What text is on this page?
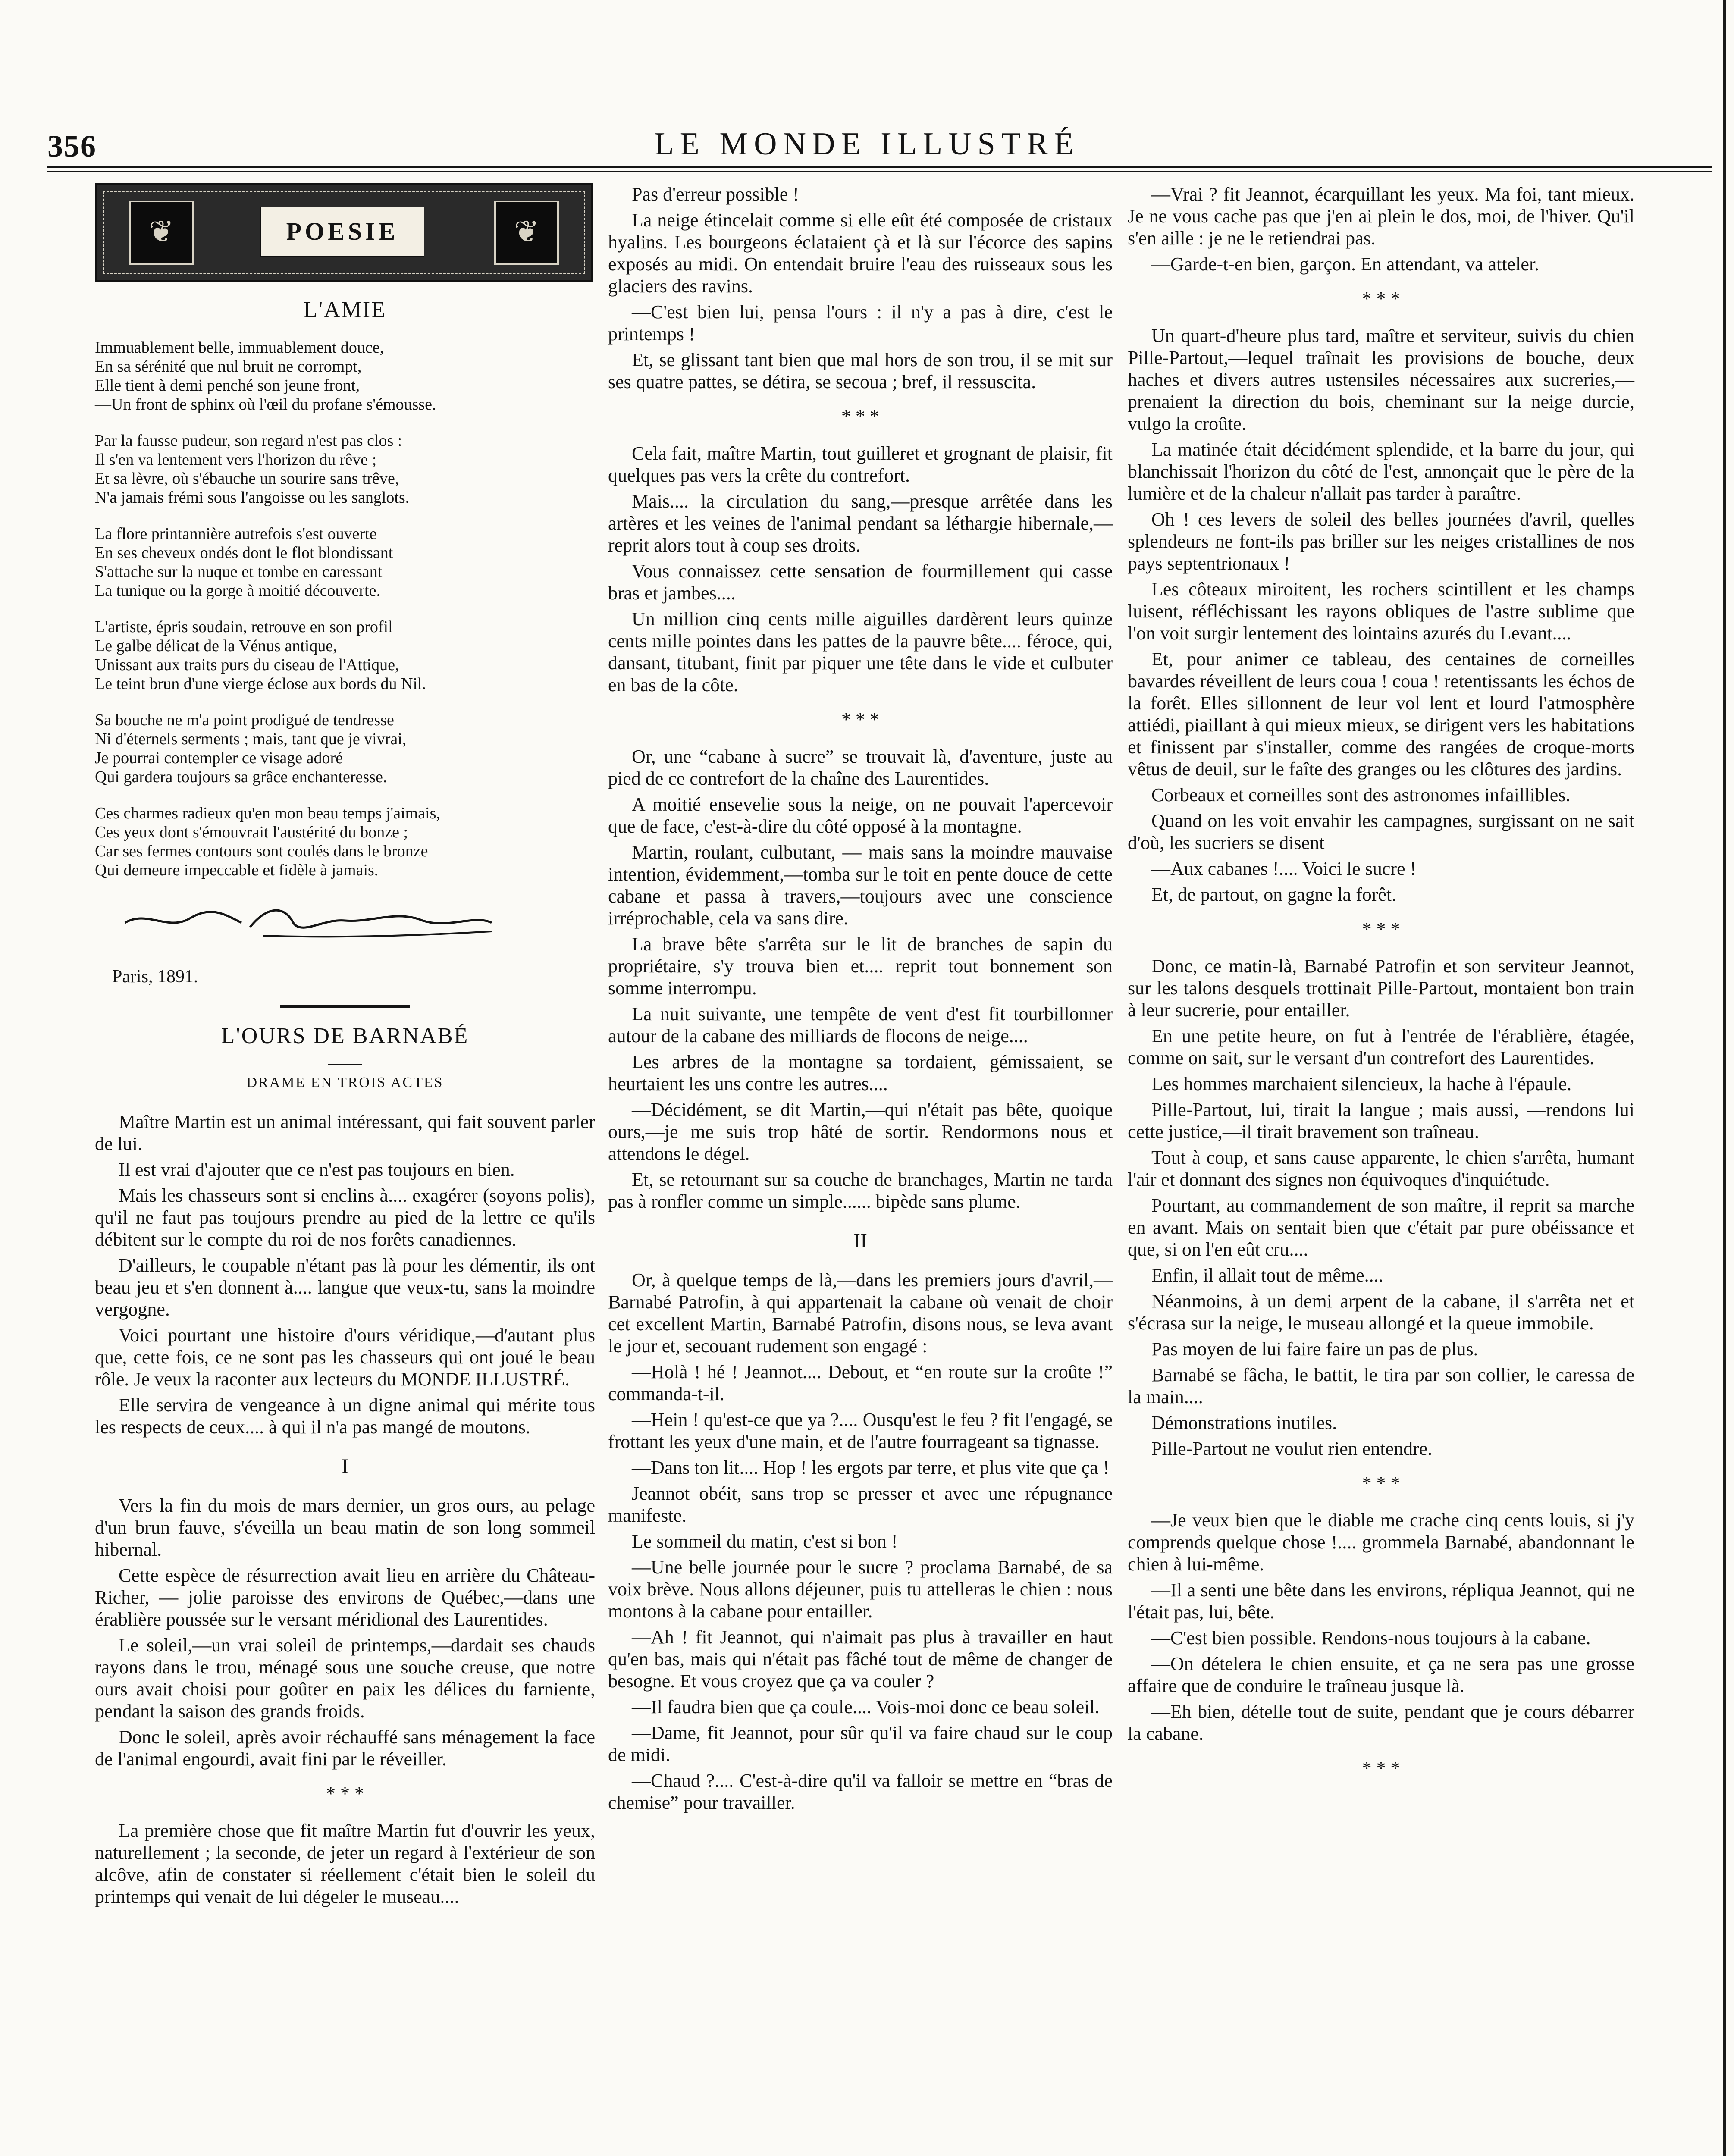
356	LE MONDE ILLUSTRÉ
❦	POESIE	❦
L'AMIE
Immuablement belle, immuablement douce,
En sa sérénité que nul bruit ne corrompt,
Elle tient à demi penché son jeune front,
—Un front de sphinx où l'œil du profane s'émousse.
Par la fausse pudeur, son regard n'est pas clos :
Il s'en va lentement vers l'horizon du rêve ;
Et sa lèvre, où s'ébauche un sourire sans trêve,
N'a jamais frémi sous l'angoisse ou les sanglots.
La flore printannière autrefois s'est ouverte
En ses cheveux ondés dont le flot blondissant
S'attache sur la nuque et tombe en caressant
La tunique ou la gorge à moitié découverte.
L'artiste, épris soudain, retrouve en son profil
Le galbe délicat de la Vénus antique,
Unissant aux traits purs du ciseau de l'Attique,
Le teint brun d'une vierge éclose aux bords du Nil.
Sa bouche ne m'a point prodigué de tendresse
Ni d'éternels serments ; mais, tant que je vivrai,
Je pourrai contempler ce visage adoré
Qui gardera toujours sa grâce enchanteresse.
Ces charmes radieux qu'en mon beau temps j'aimais,
Ces yeux dont s'émouvrait l'austérité du bonze ;
Car ses fermes contours sont coulés dans le bronze
Qui demeure impeccable et fidèle à jamais.
Paris, 1891.
L'OURS DE BARNABÉ
DRAME EN TROIS ACTES

Maître Martin est un animal intéressant, qui fait souvent parler de lui.

Il est vrai d'ajouter que ce n'est pas toujours en bien.

Mais les chasseurs sont si enclins à.... exagérer (soyons polis), qu'il ne faut pas toujours prendre au pied de la lettre ce qu'ils débitent sur le compte du roi de nos forêts canadiennes.

D'ailleurs, le coupable n'étant pas là pour les démentir, ils ont beau jeu et s'en donnent à.... langue que veux-tu, sans la moindre vergogne.

Voici pourtant une histoire d'ours véridique,—d'autant plus que, cette fois, ce ne sont pas les chasseurs qui ont joué le beau rôle. Je veux la raconter aux lecteurs du MONDE ILLUSTRÉ.

Elle servira de vengeance à un digne animal qui mérite tous les respects de ceux.... à qui il n'a pas mangé de moutons.

I

Vers la fin du mois de mars dernier, un gros ours, au pelage d'un brun fauve, s'éveilla un beau matin de son long sommeil hibernal.

Cette espèce de résurrection avait lieu en arrière du Château-Richer, — jolie paroisse des environs de Québec,—dans une érablière poussée sur le versant méridional des Laurentides.

Le soleil,—un vrai soleil de printemps,—dardait ses chauds rayons dans le trou, ménagé sous une souche creuse, que notre ours avait choisi pour goûter en paix les délices du farniente, pendant la saison des grands froids.

Donc le soleil, après avoir réchauffé sans ménagement la face de l'animal engourdi, avait fini par le réveiller.

* * *

La première chose que fit maître Martin fut d'ouvrir les yeux, naturellement ; la seconde, de jeter un regard à l'extérieur de son alcôve, afin de constater si réellement c'était bien le soleil du printemps qui venait de lui dégeler le museau....

Pas d'erreur possible !

La neige étincelait comme si elle eût été composée de cristaux hyalins. Les bourgeons éclataient çà et là sur l'écorce des sapins exposés au midi. On entendait bruire l'eau des ruisseaux sous les glaciers des ravins.

—C'est bien lui, pensa l'ours : il n'y a pas à dire, c'est le printemps !

Et, se glissant tant bien que mal hors de son trou, il se mit sur ses quatre pattes, se détira, se secoua ; bref, il ressuscita.

* * *

Cela fait, maître Martin, tout guilleret et grognant de plaisir, fit quelques pas vers la crête du contrefort.

Mais.... la circulation du sang,—presque arrêtée dans les artères et les veines de l'animal pendant sa léthargie hibernale,—reprit alors tout à coup ses droits.

Vous connaissez cette sensation de fourmillement qui casse bras et jambes....

Un million cinq cents mille aiguilles dardèrent leurs quinze cents mille pointes dans les pattes de la pauvre bête.... féroce, qui, dansant, titubant, finit par piquer une tête dans le vide et culbuter en bas de la côte.

* * *

Or, une “cabane à sucre” se trouvait là, d'aventure, juste au pied de ce contrefort de la chaîne des Laurentides.

A moitié ensevelie sous la neige, on ne pouvait l'apercevoir que de face, c'est-à-dire du côté opposé à la montagne.

Martin, roulant, culbutant, — mais sans la moindre mauvaise intention, évidemment,—tomba sur le toit en pente douce de cette cabane et passa à travers,—toujours avec une conscience irréprochable, cela va sans dire.

La brave bête s'arrêta sur le lit de branches de sapin du propriétaire, s'y trouva bien et.... reprit tout bonnement son somme interrompu.

La nuit suivante, une tempête de vent d'est fit tourbillonner autour de la cabane des milliards de flocons de neige....

Les arbres de la montagne sa tordaient, gémissaient, se heurtaient les uns contre les autres....

—Décidément, se dit Martin,—qui n'était pas bête, quoique ours,—je me suis trop hâté de sortir. Rendormons nous et attendons le dégel.

Et, se retournant sur sa couche de branchages, Martin ne tarda pas à ronfler comme un simple...... bipède sans plume.

II

Or, à quelque temps de là,—dans les premiers jours d'avril,—Barnabé Patrofin, à qui appartenait la cabane où venait de choir cet excellent Martin, Barnabé Patrofin, disons nous, se leva avant le jour et, secouant rudement son engagé :

—Holà ! hé ! Jeannot.... Debout, et “en route sur la croûte !” commanda-t-il.

—Hein ! qu'est-ce que ya ?.... Ousqu'est le feu ? fit l'engagé, se frottant les yeux d'une main, et de l'autre fourrageant sa tignasse.

—Dans ton lit.... Hop ! les ergots par terre, et plus vite que ça !

Jeannot obéit, sans trop se presser et avec une répugnance manifeste.

Le sommeil du matin, c'est si bon !

—Une belle journée pour le sucre ? proclama Barnabé, de sa voix brève. Nous allons déjeuner, puis tu attelleras le chien : nous montons à la cabane pour entailler.

—Ah ! fit Jeannot, qui n'aimait pas plus à travailler en haut qu'en bas, mais qui n'était pas fâché tout de même de changer de besogne. Et vous croyez que ça va couler ?

—Il faudra bien que ça coule.... Vois-moi donc ce beau soleil.

—Dame, fit Jeannot, pour sûr qu'il va faire chaud sur le coup de midi.

—Chaud ?.... C'est-à-dire qu'il va falloir se mettre en “bras de chemise” pour travailler.

—Vrai ? fit Jeannot, écarquillant les yeux. Ma foi, tant mieux. Je ne vous cache pas que j'en ai plein le dos, moi, de l'hiver. Qu'il s'en aille : je ne le retiendrai pas.

—Garde-t-en bien, garçon. En attendant, va atteler.

* * *

Un quart-d'heure plus tard, maître et serviteur, suivis du chien Pille-Partout,—lequel traînait les provisions de bouche, deux haches et divers autres ustensiles nécessaires aux sucreries,—prenaient la direction du bois, cheminant sur la neige durcie, vulgo la croûte.

La matinée était décidément splendide, et la barre du jour, qui blanchissait l'horizon du côté de l'est, annonçait que le père de la lumière et de la chaleur n'allait pas tarder à paraître.

Oh ! ces levers de soleil des belles journées d'avril, quelles splendeurs ne font-ils pas briller sur les neiges cristallines de nos pays septentrionaux !

Les côteaux miroitent, les rochers scintillent et les champs luisent, réfléchissant les rayons obliques de l'astre sublime que l'on voit surgir lentement des lointains azurés du Levant....

Et, pour animer ce tableau, des centaines de corneilles bavardes réveillent de leurs coua ! coua ! retentissants les échos de la forêt. Elles sillonnent de leur vol lent et lourd l'atmosphère attiédi, piaillant à qui mieux mieux, se dirigent vers les habitations et finissent par s'installer, comme des rangées de croque-morts vêtus de deuil, sur le faîte des granges ou les clôtures des jardins.

Corbeaux et corneilles sont des astronomes infaillibles.

Quand on les voit envahir les campagnes, surgissant on ne sait d'où, les sucriers se disent

—Aux cabanes !.... Voici le sucre !

Et, de partout, on gagne la forêt.

* * *

Donc, ce matin-là, Barnabé Patrofin et son serviteur Jeannot, sur les talons desquels trottinait Pille-Partout, montaient bon train à leur sucrerie, pour entailler.

En une petite heure, on fut à l'entrée de l'érablière, étagée, comme on sait, sur le versant d'un contrefort des Laurentides.

Les hommes marchaient silencieux, la hache à l'épaule.

Pille-Partout, lui, tirait la langue ; mais aussi, —rendons lui cette justice,—il tirait bravement son traîneau.

Tout à coup, et sans cause apparente, le chien s'arrêta, humant l'air et donnant des signes non équivoques d'inquiétude.

Pourtant, au commandement de son maître, il reprit sa marche en avant. Mais on sentait bien que c'était par pure obéissance et que, si on l'en eût cru....

Enfin, il allait tout de même....

Néanmoins, à un demi arpent de la cabane, il s'arrêta net et s'écrasa sur la neige, le museau allongé et la queue immobile.

Pas moyen de lui faire faire un pas de plus.

Barnabé se fâcha, le battit, le tira par son collier, le caressa de la main....

Démonstrations inutiles.

Pille-Partout ne voulut rien entendre.

* * *

—Je veux bien que le diable me crache cinq cents louis, si j'y comprends quelque chose !.... grommela Barnabé, abandonnant le chien à lui-même.

—Il a senti une bête dans les environs, répliqua Jeannot, qui ne l'était pas, lui, bête.

—C'est bien possible. Rendons-nous toujours à la cabane.

—On dételera le chien ensuite, et ça ne sera pas une grosse affaire que de conduire le traîneau jusque là.

—Eh bien, dételle tout de suite, pendant que je cours débarrer la cabane.

* * *
